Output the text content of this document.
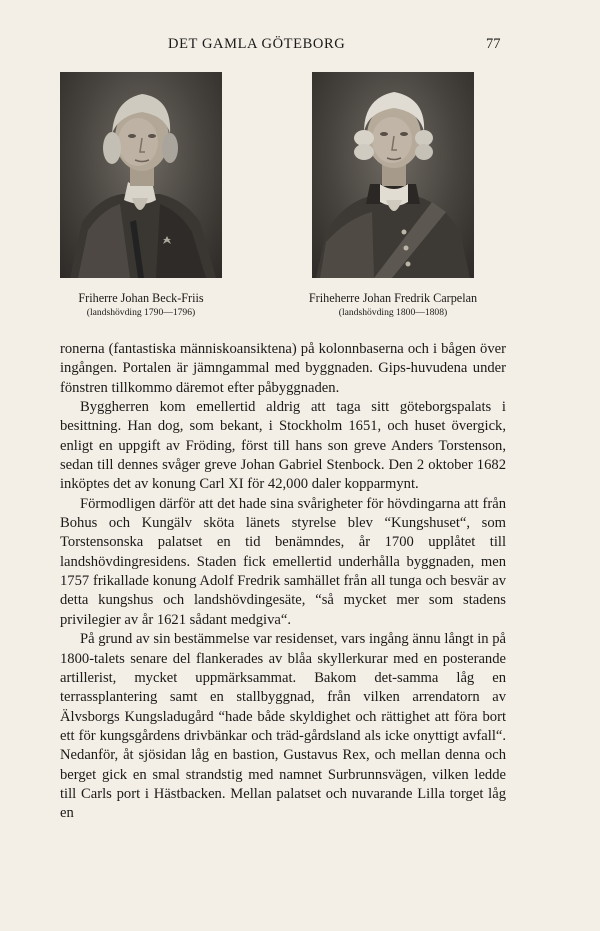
DET GAMLA GÖTEBORG	77
Friherre Johan Beck-Friis
(landshövding 1790—1796)
Friheherre Johan Fredrik Carpelan
(landshövding 1800—1808)

ronerna (fantastiska människoansiktena) på kolonnbaserna och i bågen över ingången. Portalen är jämngammal med byggnaden. Gips-huvudena under fönstren tillkommo däremot efter påbyggnaden.

Byggherren kom emellertid aldrig att taga sitt göteborgspalats i besittning. Han dog, som bekant, i Stockholm 1651, och huset övergick, enligt en uppgift av Fröding, först till hans son greve Anders Torstenson, sedan till dennes svåger greve Johan Gabriel Stenbock. Den 2 oktober 1682 inköptes det av konung Carl XI för 42,000 daler kopparmynt.

Förmodligen därför att det hade sina svårigheter för hövdingarna att från Bohus och Kungälv sköta länets styrelse blev “Kungshuset“, som Torstensonska palatset en tid benämndes, år 1700 upplåtet till landshövdingresidens. Staden fick emellertid underhålla byggnaden, men 1757 frikallade konung Adolf Fredrik samhället från all tunga och besvär av detta kungshus och landshövdingesäte, “så mycket mer som stadens privilegier av år 1621 sådant medgiva“.

På grund av sin bestämmelse var residenset, vars ingång ännu långt in på 1800-talets senare del flankerades av blåa skyllerkurar med en posterande artillerist, mycket uppmärksammat. Bakom det-samma låg en terrassplantering samt en stallbyggnad, från vilken arrendatorn av Älvsborgs Kungsladugård “hade både skyldighet och rättighet att föra bort ett för kungsgårdens drivbänkar och träd-gårdsland als icke onyttigt avfall“. Nedanför, åt sjösidan låg en bastion, Gustavus Rex, och mellan denna och berget gick en smal strandstig med namnet Surbrunnsvägen, vilken ledde till Carls port i Hästbacken. Mellan palatset och nuvarande Lilla torget låg en
